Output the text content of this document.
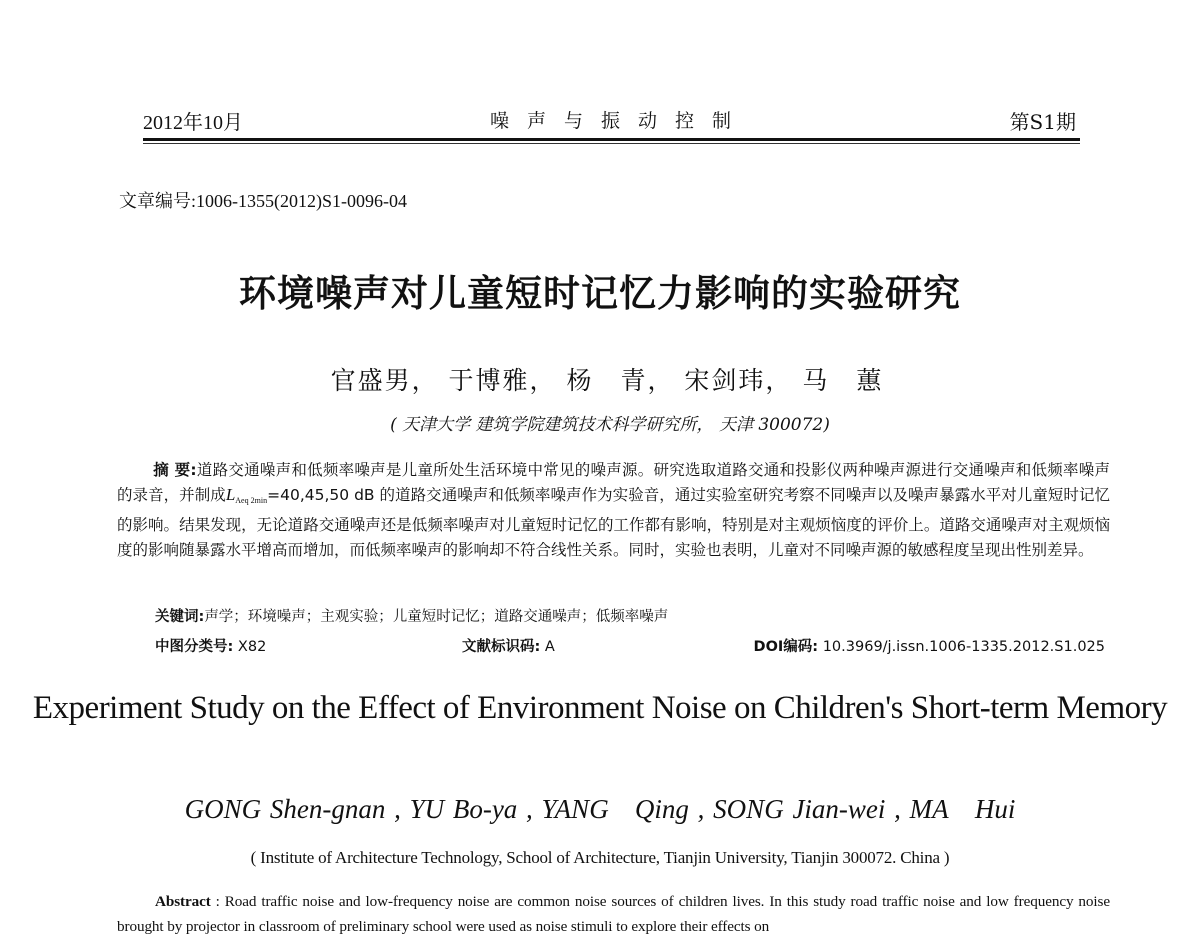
2012年10月	噪声与振动控制	第S1期
文章编号:1006-1355(2012)S1-0096-04
环境噪声对儿童短时记忆力影响的实验研究
官盛男， 于博雅， 杨　青， 宋剑玮， 马　蕙
( 天津大学 建筑学院建筑技术科学研究所， 天津 300072)
摘 要:道路交通噪声和低频率噪声是儿童所处生活环境中常见的噪声源。研究选取道路交通和投影仪两种噪声源进行交通噪声和低频率噪声的录音，并制成LAeq 2min=40,45,50 dB 的道路交通噪声和低频率噪声作为实验音，通过实验室研究考察不同噪声以及噪声暴露水平对儿童短时记忆的影响。结果发现，无论道路交通噪声还是低频率噪声对儿童短时记忆的工作都有影响，特别是对主观烦恼度的评价上。道路交通噪声对主观烦恼度的影响随暴露水平增高而增加，而低频率噪声的影响却不符合线性关系。同时，实验也表明，儿童对不同噪声源的敏感程度呈现出性别差异。
关键词:声学；环境噪声；主观实验；儿童短时记忆；道路交通噪声；低频率噪声
中图分类号: X82	文献标识码: A	DOI编码: 10.3969/j.issn.1006-1335.2012.S1.025
Experiment Study on the Effect of Environment Noise on Children's Short-term Memory
GONG Shen-gnan , YU Bo-ya , YANG   Qing , SONG Jian-wei , MA   Hui
( Institute of Architecture Technology, School of Architecture, Tianjin University, Tianjin 300072. China )
Abstract : Road traffic noise and low-frequency noise are common noise sources of children lives. In this study road traffic noise and low frequency noise brought by projector in classroom of preliminary school were used as noise stimuli to explore their effects on
